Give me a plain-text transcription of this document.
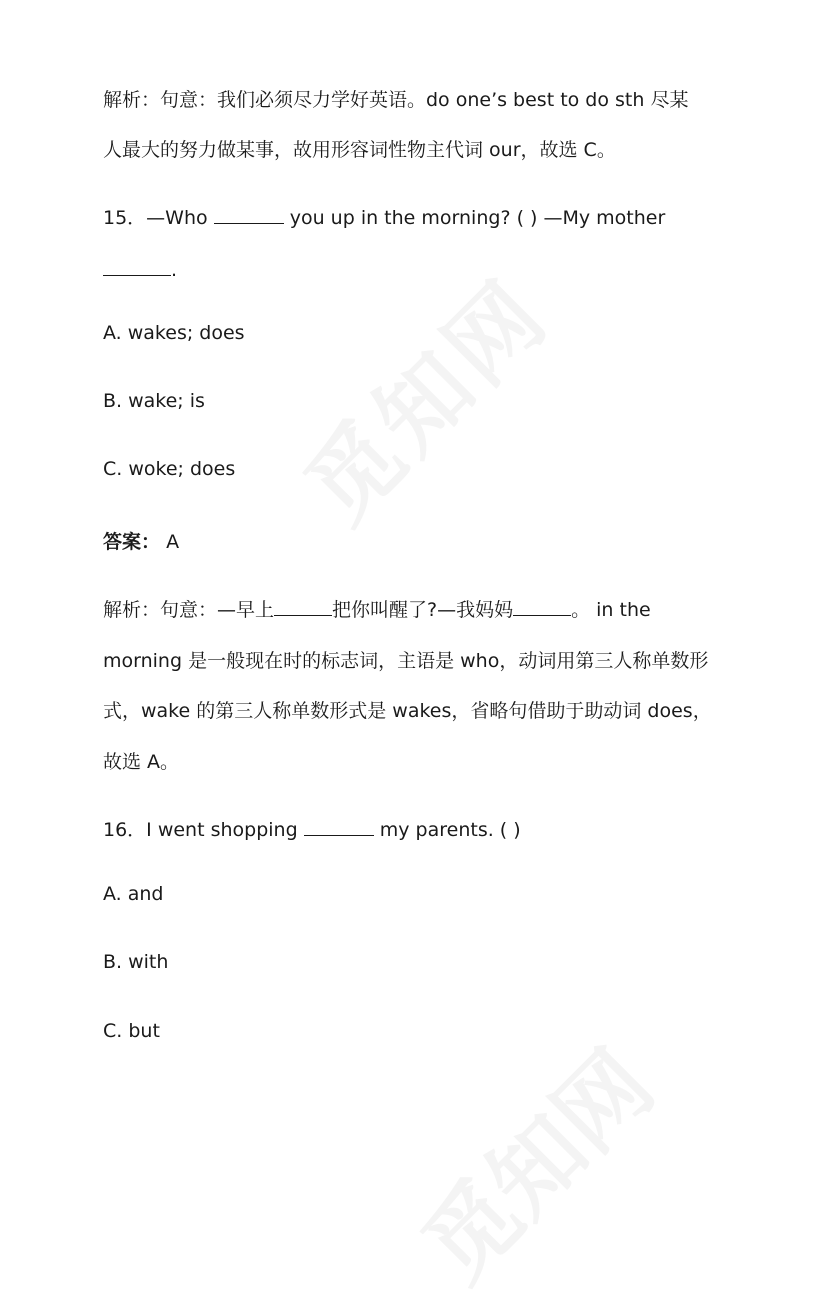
觅知网
觅知网
解析：句意：我们必须尽力学好英语。do one’s best to do sth 尽某
人最大的努力做某事，故用形容词性物主代词 our，故选 C。
15．—Who	you up in the morning? ( ) —My mother
.
A. wakes; does
B. wake; is
C. woke; does
答案： A
解析：句意：—早上	把你叫醒了?—我妈妈	。 in the
morning 是一般现在时的标志词，主语是 who，动词用第三人称单数形
式，wake 的第三人称单数形式是 wakes，省略句借助于助动词 does，
故选 A。
16．I went shopping	my parents. ( )
A. and
B. with
C. but
